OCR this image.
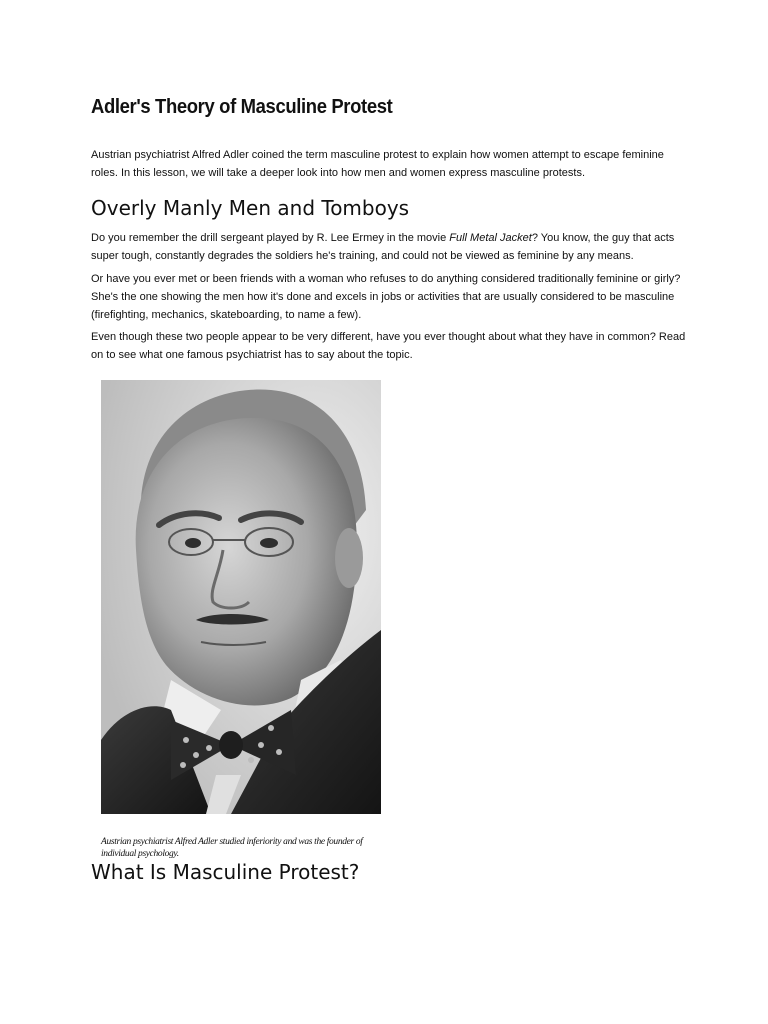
Adler's Theory of Masculine Protest

Austrian psychiatrist Alfred Adler coined the term masculine protest to explain how women attempt to escape feminine roles. In this lesson, we will take a deeper look into how men and women express masculine protests.

Overly Manly Men and Tomboys

Do you remember the drill sergeant played by R. Lee Ermey in the movie Full Metal Jacket? You know, the guy that acts super tough, constantly degrades the soldiers he's training, and could not be viewed as feminine by any means.

Or have you ever met or been friends with a woman who refuses to do anything considered traditionally feminine or girly? She's the one showing the men how it's done and excels in jobs or activities that are usually considered to be masculine (firefighting, mechanics, skateboarding, to name a few).

Even though these two people appear to be very different, have you ever thought about what they have in common? Read on to see what one famous psychiatrist has to say about the topic.

Austrian psychiatrist Alfred Adler studied inferiority and was the founder of individual psychology.

What Is Masculine Protest?
